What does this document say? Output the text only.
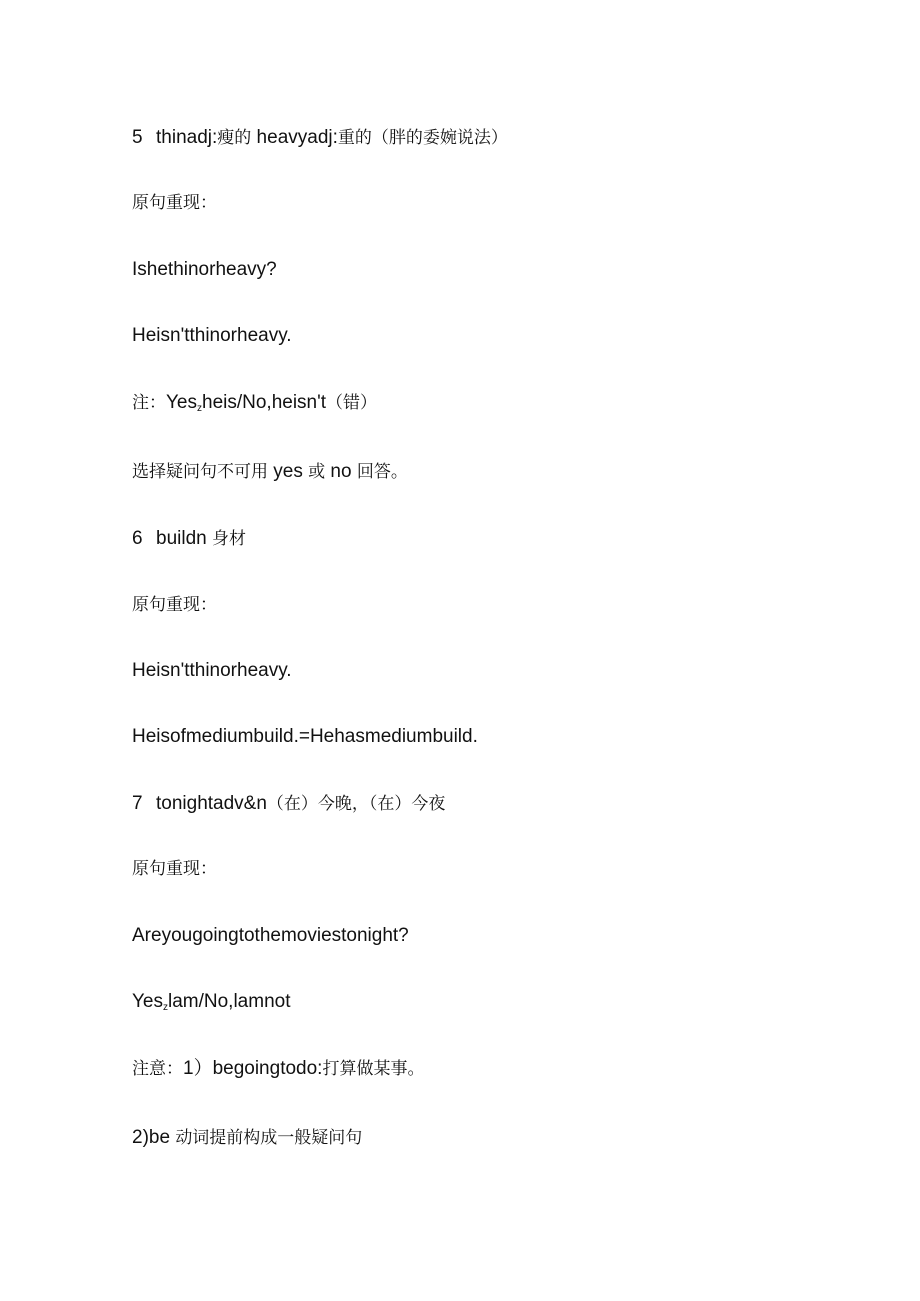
5 thinadj:瘦的 heavyadj:重的（胖的委婉说法）
原句重现：
Ishethinorheavy?
Heisn'tthinorheavy.
注：Yes$_z$heis/No,heisn't（错）
选择疑问句不可用 yes 或 no 回答。
6 buildn 身材
原句重现：
Heisn'tthinorheavy.
Heisofmediumbuild.=Hehasmediumbuild.
7 tonightadv&n（在）今晚，（在）今夜
原句重现：
Areyougoingtothemoviestonight?
Yes$_z$lam/No,lamnot
注意：1）begoingtodo:打算做某事。
2)be 动词提前构成一般疑问句
